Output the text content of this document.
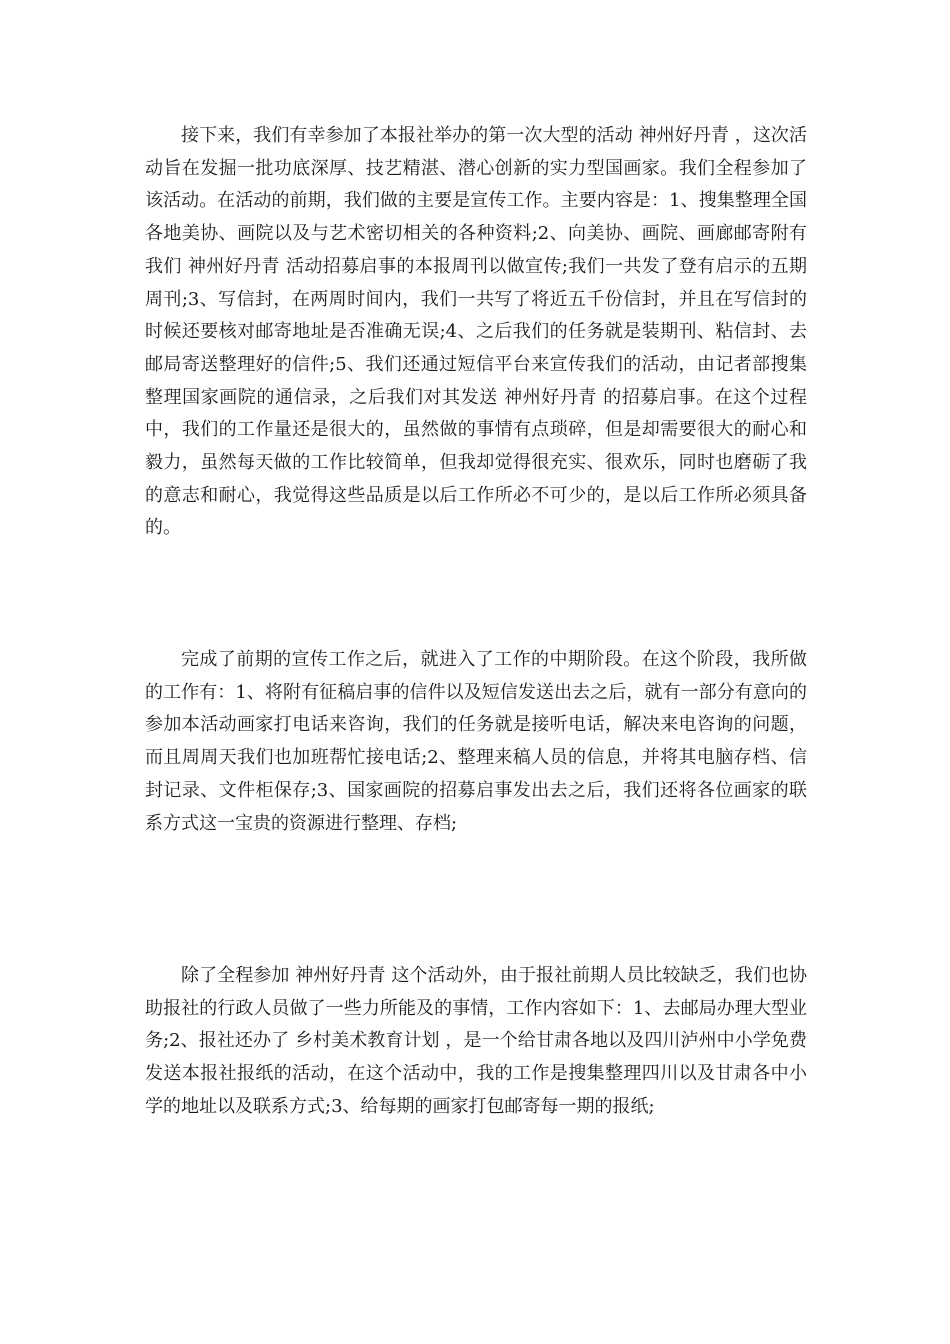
接下来，我们有幸参加了本报社举办的第一次大型的活动 神州好丹青 ，这次活动旨在发掘一批功底深厚、技艺精湛、潜心创新的实力型国画家。我们全程参加了该活动。在活动的前期，我们做的主要是宣传工作。主要内容是：1、搜集整理全国各地美协、画院以及与艺术密切相关的各种资料;2、向美协、画院、画廊邮寄附有我们 神州好丹青 活动招募启事的本报周刊以做宣传;我们一共发了登有启示的五期周刊;3、写信封，在两周时间内，我们一共写了将近五千份信封，并且在写信封的时候还要核对邮寄地址是否准确无误;4、之后我们的任务就是装期刊、粘信封、去邮局寄送整理好的信件;5、我们还通过短信平台来宣传我们的活动，由记者部搜集整理国家画院的通信录，之后我们对其发送 神州好丹青 的招募启事。在这个过程中，我们的工作量还是很大的，虽然做的事情有点琐碎，但是却需要很大的耐心和毅力，虽然每天做的工作比较简单，但我却觉得很充实、很欢乐，同时也磨砺了我的意志和耐心，我觉得这些品质是以后工作所必不可少的，是以后工作所必须具备的。

完成了前期的宣传工作之后，就进入了工作的中期阶段。在这个阶段，我所做的工作有：1、将附有征稿启事的信件以及短信发送出去之后，就有一部分有意向的参加本活动画家打电话来咨询，我们的任务就是接听电话，解决来电咨询的问题，而且周周天我们也加班帮忙接电话;2、整理来稿人员的信息，并将其电脑存档、信封记录、文件柜保存;3、国家画院的招募启事发出去之后，我们还将各位画家的联系方式这一宝贵的资源进行整理、存档;

除了全程参加 神州好丹青 这个活动外，由于报社前期人员比较缺乏，我们也协助报社的行政人员做了一些力所能及的事情，工作内容如下：1、去邮局办理大型业务;2、报社还办了 乡村美术教育计划 ，是一个给甘肃各地以及四川泸州中小学免费发送本报社报纸的活动，在这个活动中，我的工作是搜集整理四川以及甘肃各中小学的地址以及联系方式;3、给每期的画家打包邮寄每一期的报纸;
